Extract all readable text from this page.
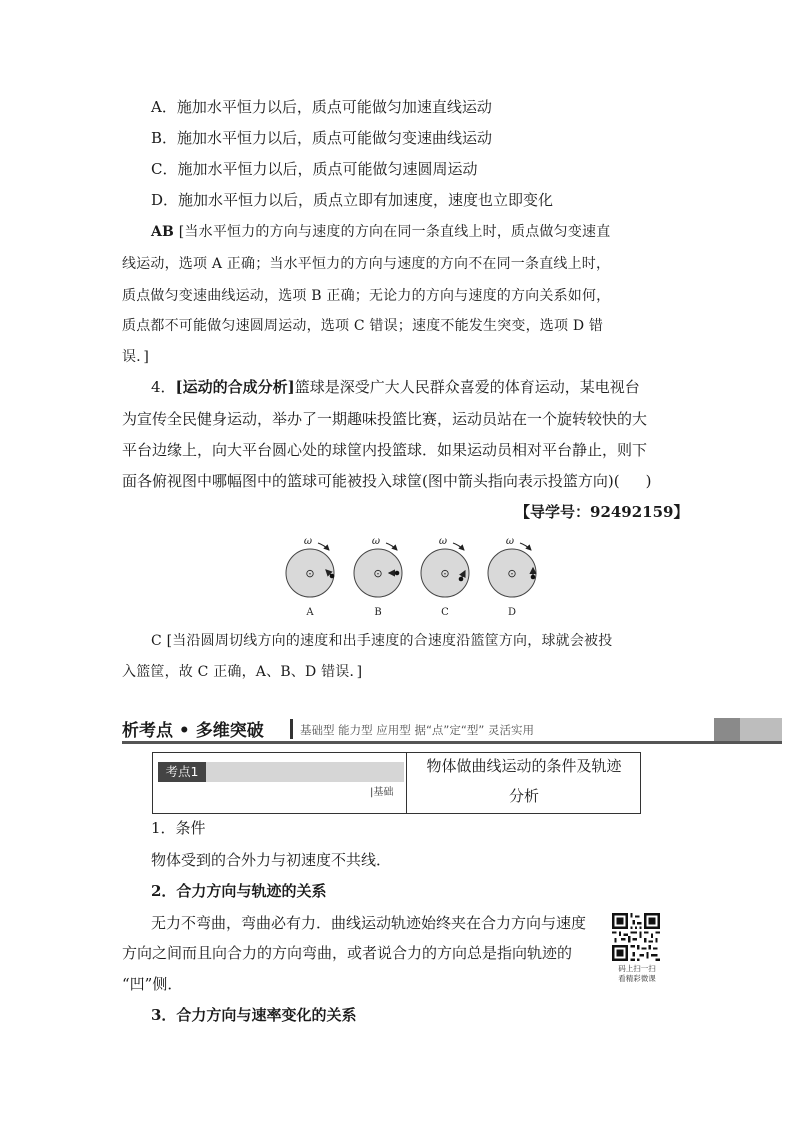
A．施加水平恒力以后，质点可能做匀加速直线运动
B．施加水平恒力以后，质点可能做匀变速曲线运动
C．施加水平恒力以后，质点可能做匀速圆周运动
D．施加水平恒力以后，质点立即有加速度，速度也立即变化
AB [当水平恒力的方向与速度的方向在同一条直线上时，质点做匀变速直
线运动，选项 A 正确；当水平恒力的方向与速度的方向不在同一条直线上时，
质点做匀变速曲线运动，选项 B 正确；无论力的方向与速度的方向关系如何，
质点都不可能做匀速圆周运动，选项 C 错误；速度不能发生突变，选项 D 错
误．]
4．[运动的合成分析]篮球是深受广大人民群众喜爱的体育运动，某电视台
为宣传全民健身运动，举办了一期趣味投篮比赛，运动员站在一个旋转较快的大
平台边缘上，向大平台圆心处的球筐内投篮球．如果运动员相对平台静止，则下
面各俯视图中哪幅图中的篮球可能被投入球筐(图中箭头指向表示投篮方向)( )
【导学号：92492159】
⊙
ω
A
⊙
ω
B
⊙
ω
C
⊙
ω
D
C [当沿圆周切线方向的速度和出手速度的合速度沿篮筐方向，球就会被投
入篮筐，故 C 正确，A、B、D 错误．]
析考点 • 多维突破	基础型 能力型 应用型 据“点”定“型” 灵活实用
考点1
|基础
物体做曲线运动的条件及轨迹
分析
1．条件
物体受到的合外力与初速度不共线．
2．合力方向与轨迹的关系
无力不弯曲，弯曲必有力．曲线运动轨迹始终夹在合力方向与速度
方向之间而且向合力的方向弯曲，或者说合力的方向总是指向轨迹的
“凹”侧．
3．合力方向与速率变化的关系
码上扫一扫
看精彩微课
